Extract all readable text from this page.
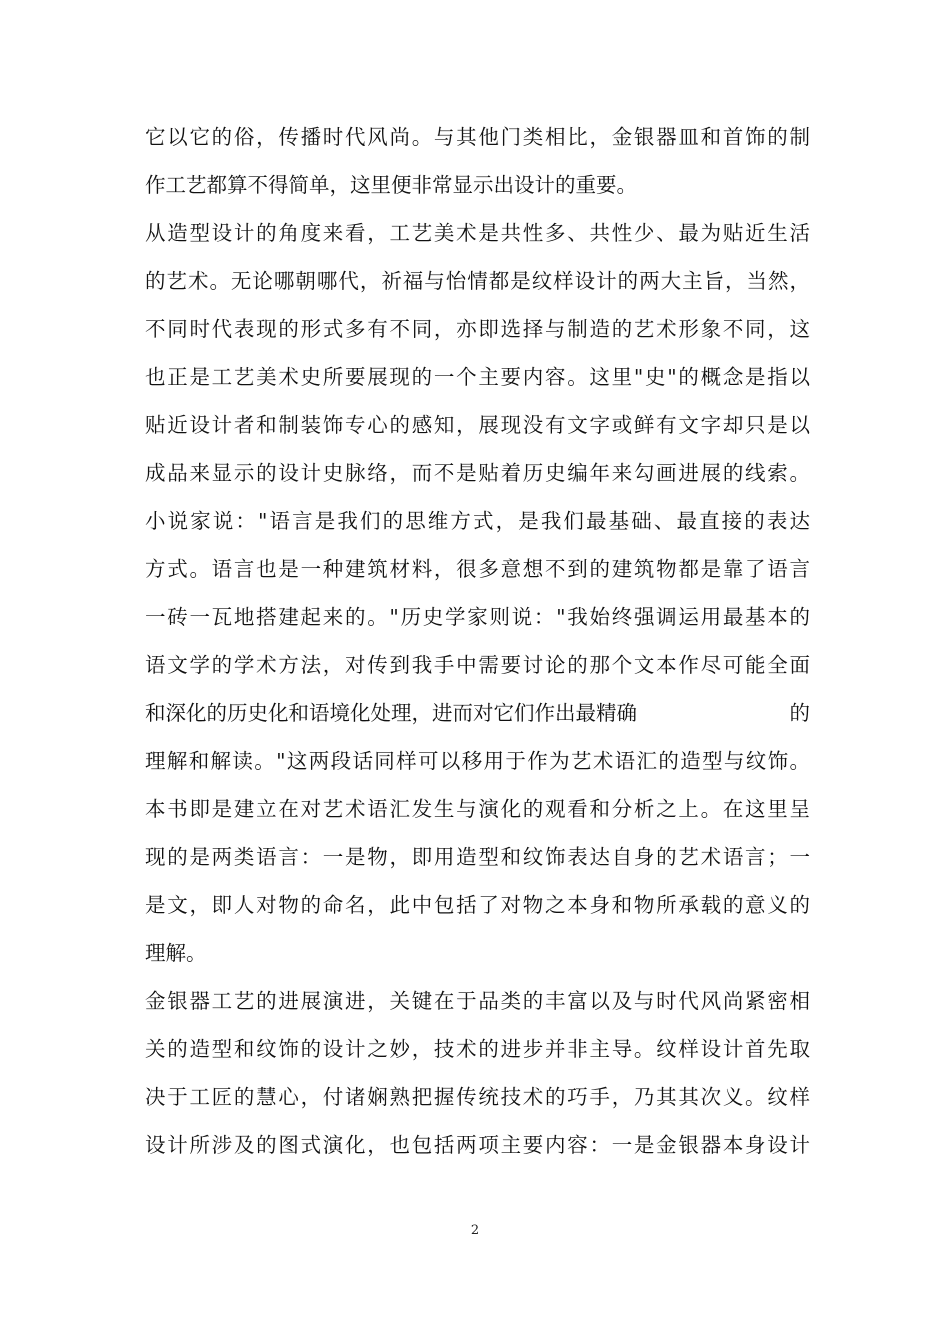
它以它的俗，传播时代风尚。与其他门类相比，金银器皿和首饰的制
作工艺都算不得简单，这里便非常显示出设计的重要。
从造型设计的角度来看，工艺美术是共性多、共性少、最为贴近生活
的艺术。无论哪朝哪代，祈福与怡情都是纹样设计的两大主旨，当然，
不同时代表现的形式多有不同，亦即选择与制造的艺术形象不同，这
也正是工艺美术史所要展现的一个主要内容。这里"史"的概念是指以
贴近设计者和制装饰专心的感知，展现没有文字或鲜有文字却只是以
成品来显示的设计史脉络，而不是贴着历史编年来勾画进展的线索。
小说家说："语言是我们的思维方式，是我们最基础、最直接的表达
方式。语言也是一种建筑材料，很多意想不到的建筑物都是靠了语言
一砖一瓦地搭建起来的。"历史学家则说："我始终强调运用最基本的
语文学的学术方法，对传到我手中需要讨论的那个文本作尽可能全面
和深化的历史化和语境化处理，进而对它们作出最精确	的
理解和解读。"这两段话同样可以移用于作为艺术语汇的造型与纹饰。
本书即是建立在对艺术语汇发生与演化的观看和分析之上。在这里呈
现的是两类语言：一是物，即用造型和纹饰表达自身的艺术语言；一
是文，即人对物的命名，此中包括了对物之本身和物所承载的意义的
理解。
金银器工艺的进展演进，关键在于品类的丰富以及与时代风尚紧密相
关的造型和纹饰的设计之妙，技术的进步并非主导。纹样设计首先取
决于工匠的慧心，付诸娴熟把握传统技术的巧手，乃其其次义。纹样
设计所涉及的图式演化，也包括两项主要内容：一是金银器本身设计
2
